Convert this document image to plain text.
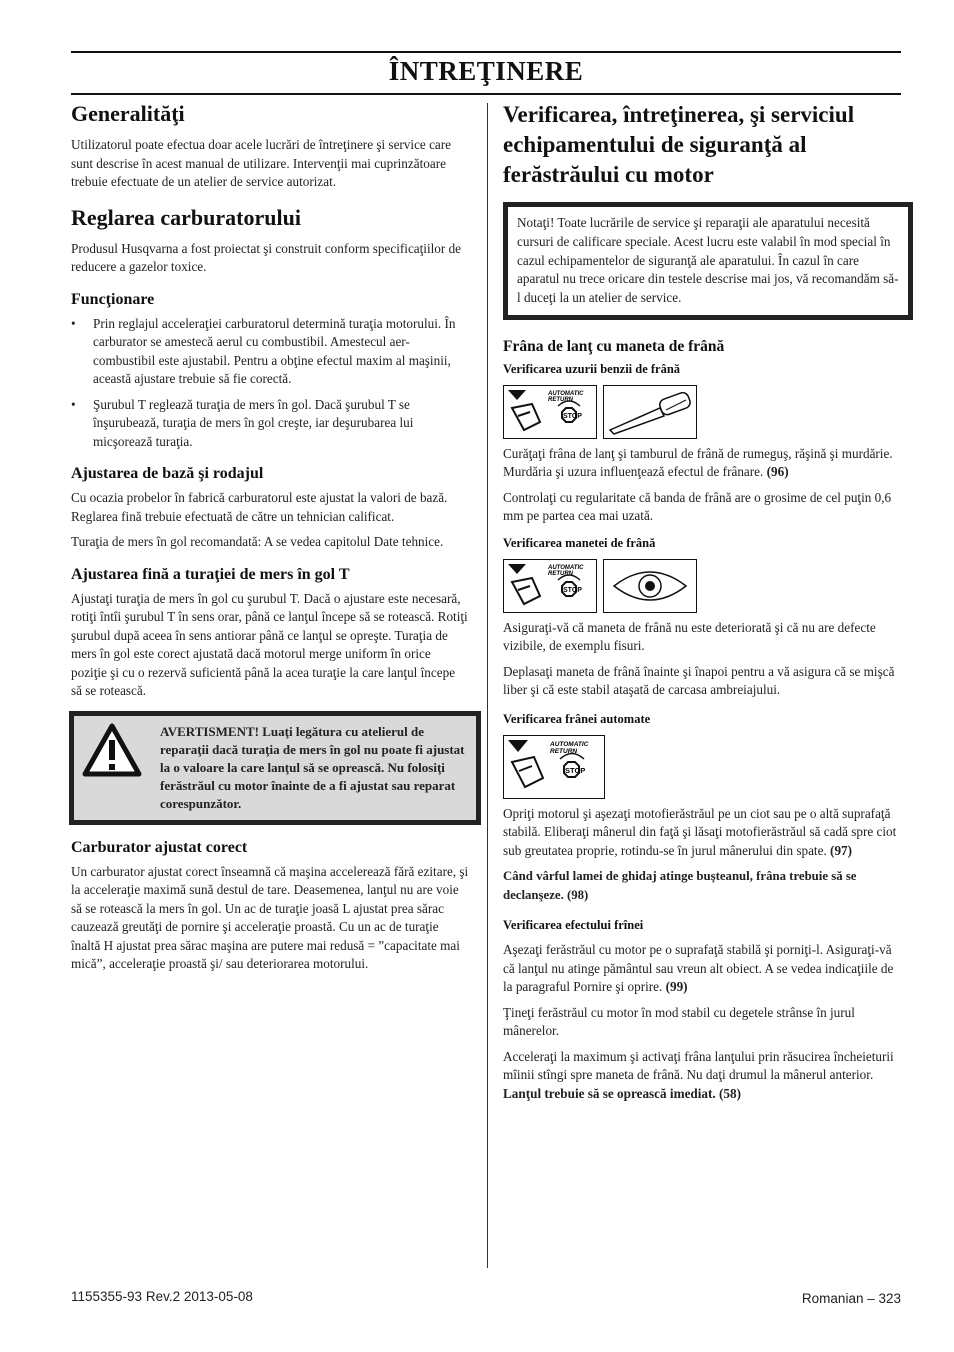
ÎNTREŢINERE
Generalităţi

Utilizatorul poate efectua doar acele lucrări de întreţinere şi service care sunt descrise în acest manual de utilizare. Intervenţii mai cuprinzătoare trebuie efectuate de un atelier de service autorizat.

Reglarea carburatorului

Produsul Husqvarna a fost proiectat şi construit conform specificaţiilor de reducere a gazelor toxice.

Funcţionare
• Prin reglajul acceleraţiei carburatorul determină turaţia motorului. În carburator se amestecă aerul cu combustibil. Amestecul aer-combustibil este ajustabil. Pentru a obţine efectul maxim al maşinii, această ajustare trebuie să fie corectă.
• Şurubul T reglează turaţia de mers în gol. Dacă şurubul T se înşurubează, turaţia de mers în gol creşte, iar deşurubarea lui micşorează turaţia.
Ajustarea de bază şi rodajul

Cu ocazia probelor în fabrică carburatorul este ajustat la valori de bază. Reglarea fină trebuie efectuată de către un tehnician calificat.

Turaţia de mers în gol recomandată: A se vedea capitolul Date tehnice.

Ajustarea fină a turaţiei de mers în gol T

Ajustaţi turaţia de mers în gol cu şurubul T. Dacă o ajustare este necesară, rotiţi întîi şurubul T în sens orar, până ce lanţul începe să se rotească. Rotiţi şurubul după aceea în sens antiorar până ce lanţul se opreşte. Turaţia de mers în gol este corect ajustată dacă motorul merge uniform în orice poziţie şi cu o rezervă suficientă până la acea turaţie la care lanţul începe să se rotească.

AVERTISMENT! Luaţi legătura cu atelierul de reparaţii dacă turaţia de mers în gol nu poate fi ajustat la o valoare la care lanţul să se oprească. Nu folosiţi ferăstrăul cu motor înainte de a fi ajustat sau reparat corespunzător.
Carburator ajustat corect

Un carburator ajustat corect înseamnă că maşina accelerează fără ezitare, şi la acceleraţie maximă sună destul de tare. Deasemenea, lanţul nu are voie să se rotească la mers în gol. Un ac de turaţie joasă L ajustat prea sărac cauzează greutăţi de pornire şi acceleraţie proastă. Cu un ac de turaţie înaltă H ajustat prea sărac maşina are putere mai redusă = ”capacitate mai mică”, acceleraţie proastă şi/ sau deteriorarea motorului.

Verificarea, întreţinerea, şi serviciul echipamentului de siguranţă al ferăstrăului cu motor

Notaţi! Toate lucrările de service şi reparaţii ale aparatului necesită cursuri de calificare speciale. Acest lucru este valabil în mod special în cazul echipamentelor de siguranţă ale aparatului. În cazul în care aparatul nu trece oricare din testele descrise mai jos, vă recomandăm să-l duceţi la un atelier de service.

Frâna de lanţ cu maneta de frână
Verificarea uzurii benzii de frână
AUTOMATIC
RETURN
STOP

Curăţaţi frâna de lanţ şi tamburul de frână de rumeguş, răşină şi murdărie. Murdăria şi uzura influenţează efectul de frânare. (96)

Controlaţi cu regularitate că banda de frână are o grosime de cel puţin 0,6 mm pe partea cea mai uzată.

Verificarea manetei de frână
AUTOMATIC
RETURN
STOP

Asiguraţi-vă că maneta de frână nu este deteriorată şi că nu are defecte vizibile, de exemplu fisuri.

Deplasaţi maneta de frână înainte şi înapoi pentru a vă asigura că se mişcă liber şi că este stabil ataşată de carcasa ambreiajului.

Verificarea frânei automate
AUTOMATIC
RETURN
STOP

Opriţi motorul şi aşezaţi motofierăstrăul pe un ciot sau pe o altă suprafaţă stabilă. Eliberaţi mânerul din faţă şi lăsaţi motofierăstrăul să cadă spre ciot sub greutatea proprie, rotindu-se în jurul mânerului din spate. (97)

Când vârful lamei de ghidaj atinge buşteanul, frâna trebuie să se declanşeze. (98)

Verificarea efectului frînei

Aşezaţi ferăstrăul cu motor pe o suprafaţă stabilă şi porniţi-l. Asiguraţi-vă că lanţul nu atinge pământul sau vreun alt obiect. A se vedea indicaţiile de la paragraful Pornire şi oprire. (99)

Ţineţi ferăstrăul cu motor în mod stabil cu degetele strânse în jurul mânerelor.

Acceleraţi la maximum şi activaţi frâna lanţului prin răsucirea încheieturii mîinii stîngi spre maneta de frână. Nu daţi drumul la mânerul anterior. Lanţul trebuie să se oprească imediat. (58)

1155355-93 Rev.2 2013-05-08	Romanian – 323
